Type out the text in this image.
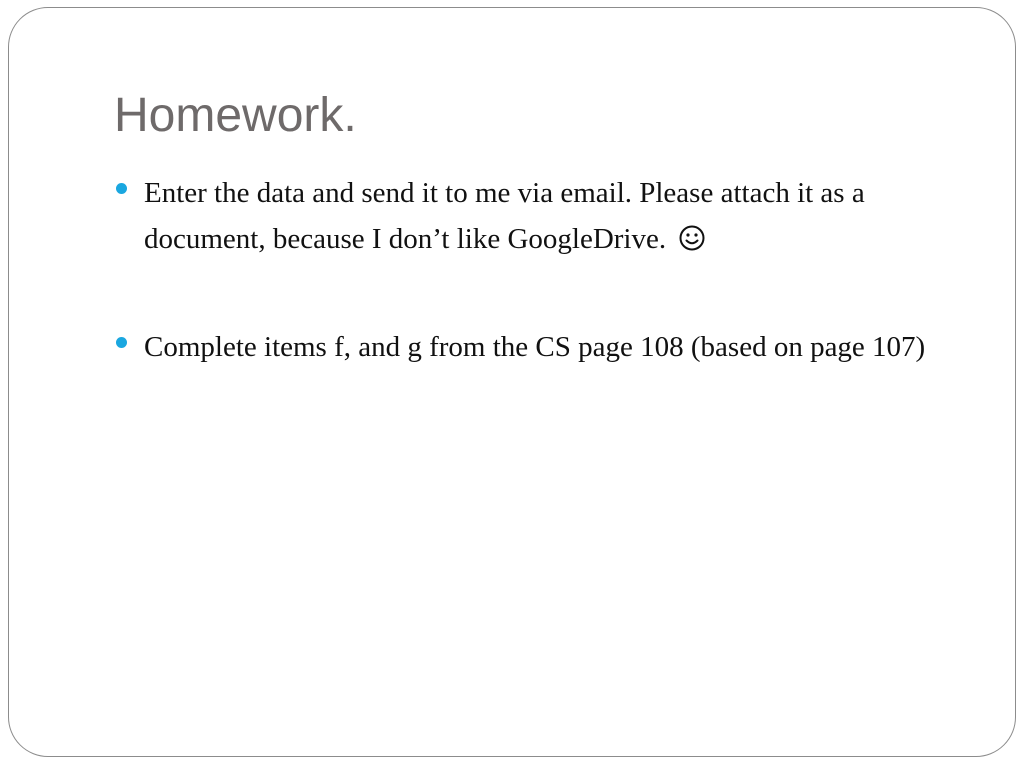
Homework.
Enter the data and send it to me via email. Please attach it as a document, because I don’t like GoogleDrive.
Complete items f, and g from the CS page 108 (based on page 107)
